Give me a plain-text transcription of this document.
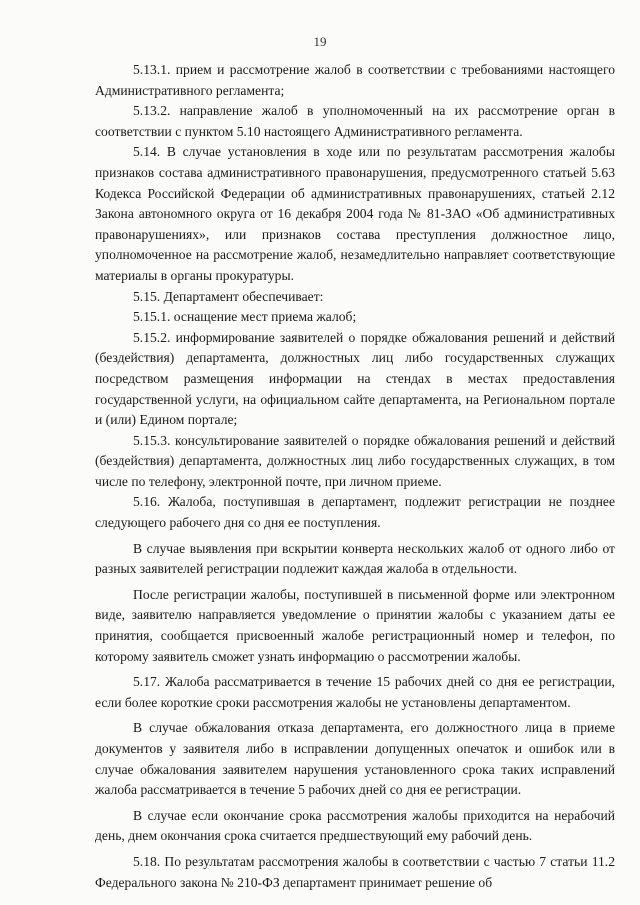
19

5.13.1. прием и рассмотрение жалоб в соответствии с требованиями настоящего Административного регламента;

5.13.2. направление жалоб в уполномоченный на их рассмотрение орган в соответствии с пунктом 5.10 настоящего Административного регламента.

5.14. В случае установления в ходе или по результатам рассмотрения жалобы признаков состава административного правонарушения, предусмотренного статьей 5.63 Кодекса Российской Федерации об административных правонарушениях, статьей 2.12 Закона автономного округа от 16 декабря 2004 года № 81-ЗАО «Об административных правонарушениях», или признаков состава преступления должностное лицо, уполномоченное на рассмотрение жалоб, незамедлительно направляет соответствующие материалы в органы прокуратуры.

5.15. Департамент обеспечивает:

5.15.1. оснащение мест приема жалоб;

5.15.2. информирование заявителей о порядке обжалования решений и действий (бездействия) департамента, должностных лиц либо государственных служащих посредством размещения информации на стендах в местах предоставления государственной услуги, на официальном сайте департамента, на Региональном портале и (или) Едином портале;

5.15.3. консультирование заявителей о порядке обжалования решений и действий (бездействия) департамента, должностных лиц либо государственных служащих, в том числе по телефону, электронной почте, при личном приеме.

5.16. Жалоба, поступившая в департамент, подлежит регистрации не позднее следующего рабочего дня со дня ее поступления.

В случае выявления при вскрытии конверта нескольких жалоб от одного либо от разных заявителей регистрации подлежит каждая жалоба в отдельности.

После регистрации жалобы, поступившей в письменной форме или электронном виде, заявителю направляется уведомление о принятии жалобы с указанием даты ее принятия, сообщается присвоенный жалобе регистрационный номер и телефон, по которому заявитель сможет узнать информацию о рассмотрении жалобы.

5.17. Жалоба рассматривается в течение 15 рабочих дней со дня ее регистрации, если более короткие сроки рассмотрения жалобы не установлены департаментом.

В случае обжалования отказа департамента, его должностного лица в приеме документов у заявителя либо в исправлении допущенных опечаток и ошибок или в случае обжалования заявителем нарушения установленного срока таких исправлений жалоба рассматривается в течение 5 рабочих дней со дня ее регистрации.

В случае если окончание срока рассмотрения жалобы приходится на нерабочий день, днем окончания срока считается предшествующий ему рабочий день.

5.18. По результатам рассмотрения жалобы в соответствии с частью 7 статьи 11.2 Федерального закона № 210-ФЗ департамент принимает решение об
